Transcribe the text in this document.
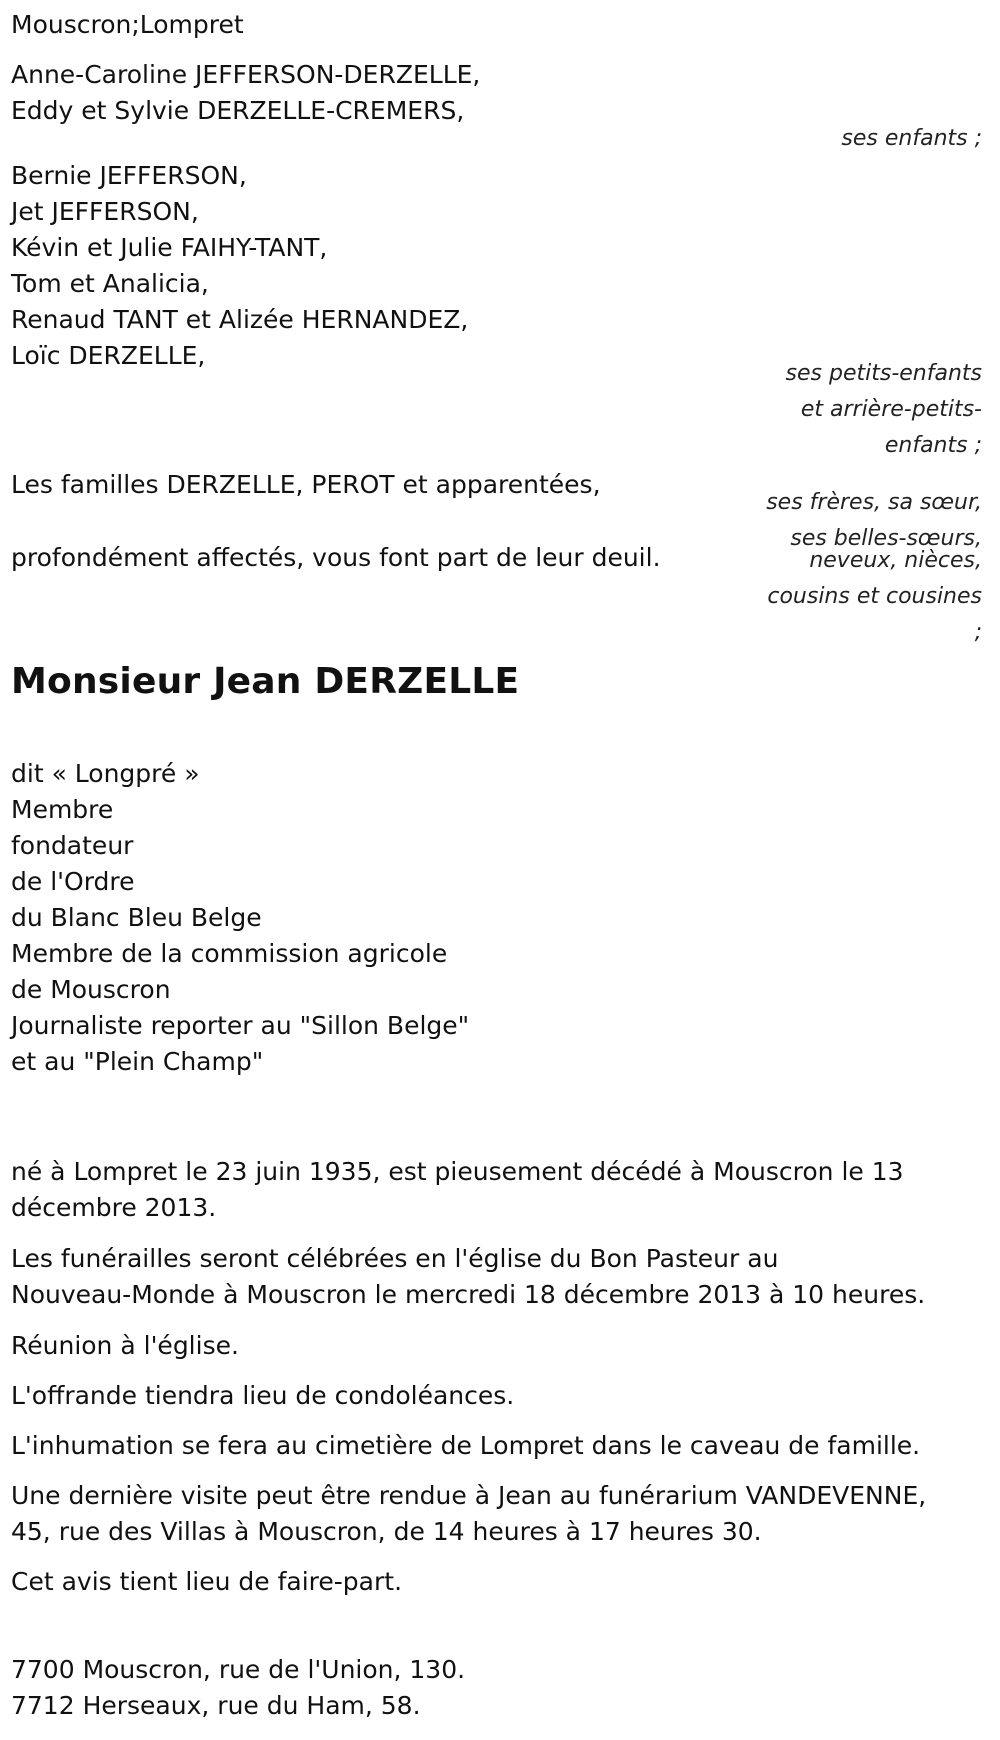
Mouscron;Lompret

Anne-Caroline JEFFERSON-DERZELLE,

Eddy et Sylvie DERZELLE-CREMERS,

ses enfants ;

Bernie JEFFERSON,

Jet JEFFERSON,

Kévin et Julie FAIHY-TANT,

Tom et Analicia,

Renaud TANT et Alizée HERNANDEZ,

Loïc DERZELLE,

ses petits-enfants

et arrière-petits-

enfants ;

Les familles DERZELLE, PEROT et apparentées,

ses frères, sa sœur,

ses belles-sœurs,

neveux, nièces,

cousins et cousines

;

profondément affectés, vous font part de leur deuil.

Monsieur Jean DERZELLE

dit « Longpré »

Membre

fondateur

de l'Ordre

du Blanc Bleu Belge

Membre de la commission agricole

de Mouscron

Journaliste reporter au "Sillon Belge"

et au "Plein Champ"

né à Lompret le 23 juin 1935, est pieusement décédé à Mouscron le 13

décembre 2013.

Les funérailles seront célébrées en l'église du Bon Pasteur au

Nouveau-Monde à Mouscron le mercredi 18 décembre 2013 à 10 heures.

Réunion à l'église.

L'offrande tiendra lieu de condoléances.

L'inhumation se fera au cimetière de Lompret dans le caveau de famille.

Une dernière visite peut être rendue à Jean au funérarium VANDEVENNE,

45, rue des Villas à Mouscron, de 14 heures à 17 heures 30.

Cet avis tient lieu de faire-part.

7700 Mouscron, rue de l'Union, 130.

7712 Herseaux, rue du Ham, 58.
